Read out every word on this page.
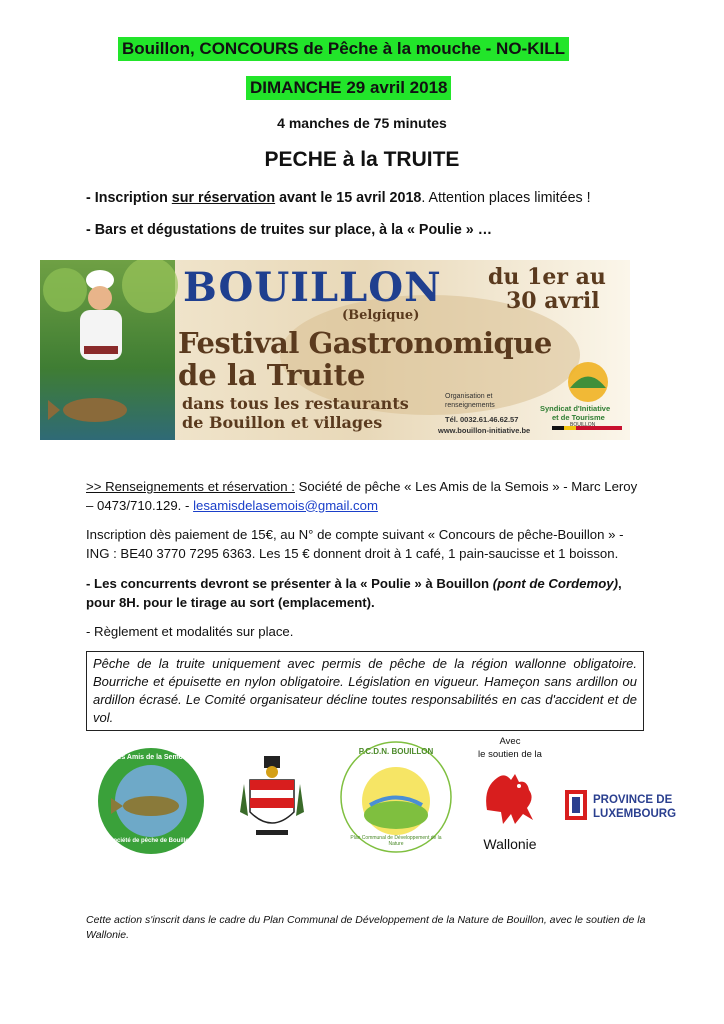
Bouillon, CONCOURS de Pêche à la mouche - NO-KILL
DIMANCHE 29 avril 2018
4 manches de 75 minutes
PECHE à la TRUITE
- Inscription sur réservation avant le 15 avril 2018. Attention places limitées !
- Bars et dégustations de truites sur place, à la « Poulie » …
BOUILLON
(Belgique)
du 1er au
30 avril
Festival Gastronomique
de la Truite
dans tous les restaurants
de Bouillon et villages
Organisation et renseignements
Tél. 0032.61.46.62.57
www.bouillon-initiative.be
Syndicat d'Initiative
et de Tourisme
BOUILLON
>> Renseignements et réservation : Société de pêche « Les Amis de la Semois » - Marc Leroy – 0473/710.129. - lesamisdelasemois@gmail.com
Inscription dès paiement de 15€, au N° de compte suivant « Concours de pêche-Bouillon » - ING : BE40 3770 7295 6363. Les 15 € donnent droit à 1 café, 1 pain-saucisse et 1 boisson.
- Les concurrents devront se présenter à la « Poulie » à Bouillon (pont de Cordemoy), pour 8H. pour le tirage au sort (emplacement).
- Règlement et modalités sur place.
Pêche de la truite uniquement avec permis de pêche de la région wallonne obligatoire. Bourriche et épuisette en nylon obligatoire. Législation en vigueur. Hameçon sans ardillon ou ardillon écrasé. Le Comité organisateur décline toutes responsabilités en cas d'accident et de vol.
Les Amis de la Semois
Société de pêche de Bouillon
P.C.D.N. BOUILLON
Plan Communal de Développement de la Nature
Avec
le soutien de la
Wallonie
PROVINCE DE
LUXEMBOURG
Cette action s'inscrit dans le cadre du Plan Communal de Développement de la Nature de Bouillon, avec le soutien de la Wallonie.
